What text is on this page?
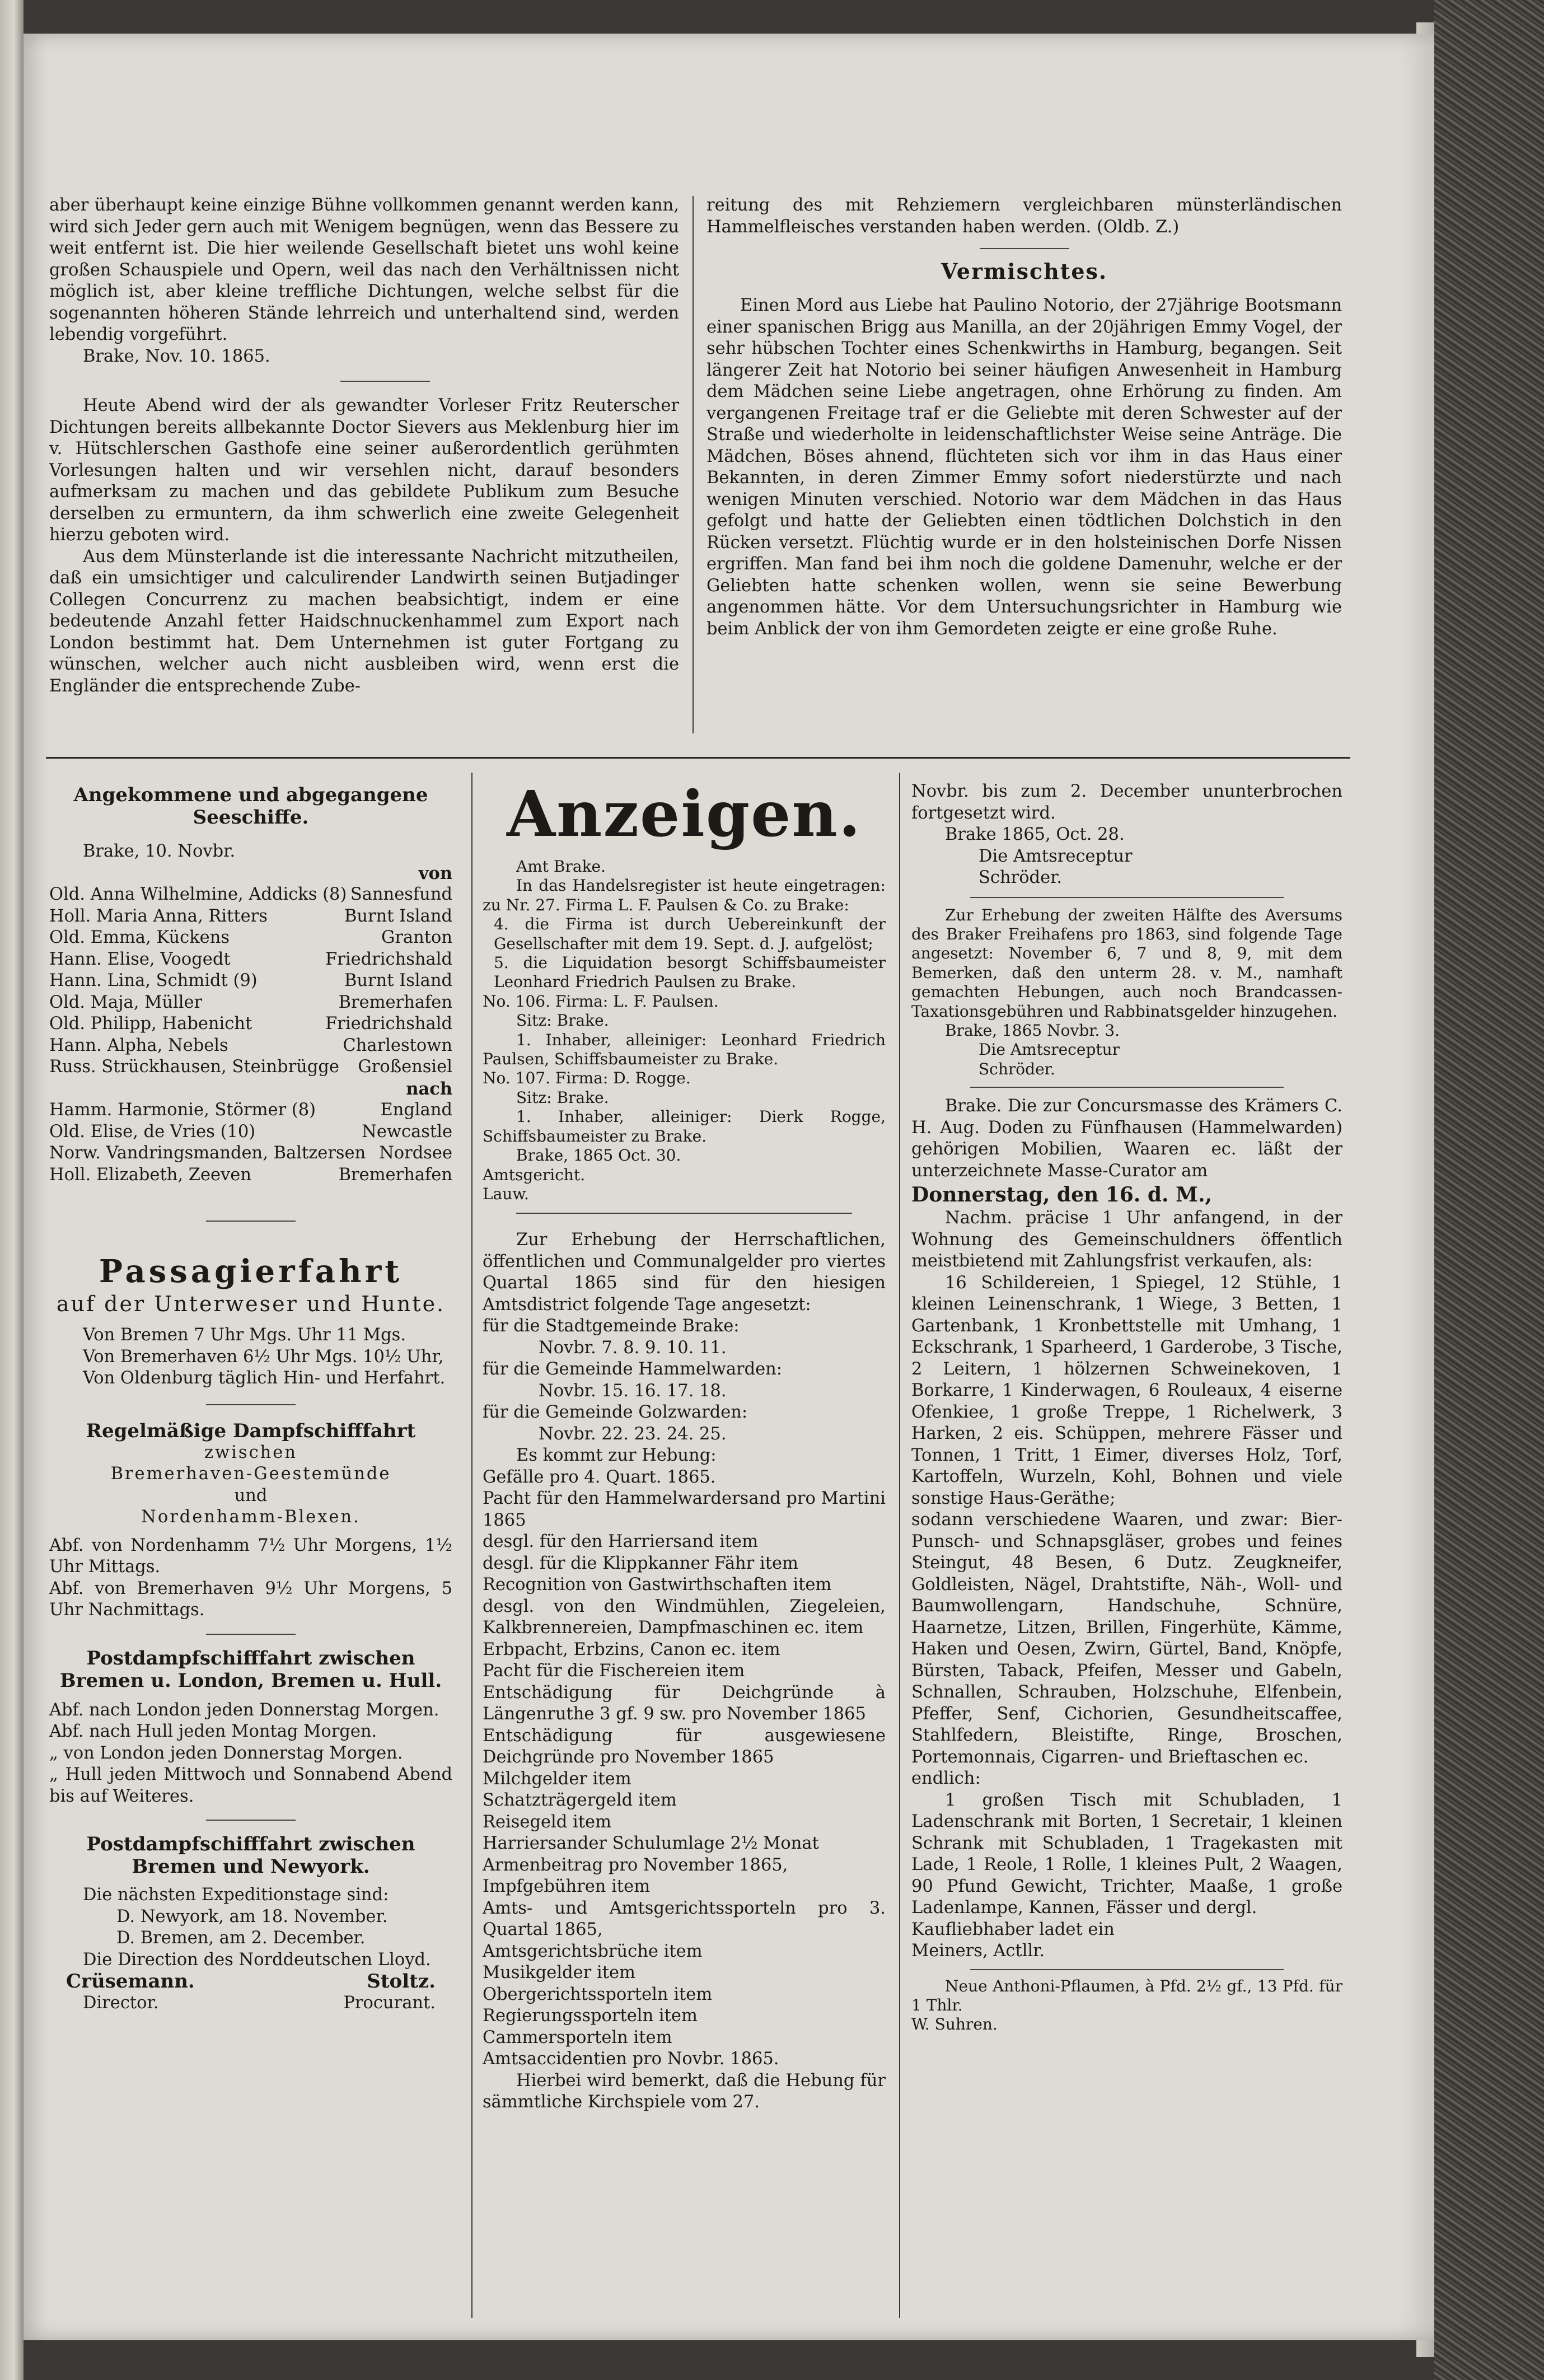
aber überhaupt keine einzige Bühne vollkommen genannt werden kann, wird sich Jeder gern auch mit Wenigem begnügen, wenn das Bessere zu weit entfernt ist. Die hier weilende Gesellschaft bietet uns wohl keine großen Schauspiele und Opern, weil das nach den Verhältnissen nicht möglich ist, aber kleine treffliche Dichtungen, welche selbst für die sogenannten höheren Stände lehrreich und unterhaltend sind, werden lebendig vorgeführt.

Brake, Nov. 10. 1865.

Heute Abend wird der als gewandter Vorleser Fritz Reuterscher Dichtungen bereits allbekannte Doctor Sievers aus Meklenburg hier im v. Hütschlerschen Gasthofe eine seiner außerordentlich gerühmten Vorlesungen halten und wir versehlen nicht, darauf besonders aufmerksam zu machen und das gebildete Publikum zum Besuche derselben zu ermuntern, da ihm schwerlich eine zweite Gelegenheit hierzu geboten wird.

Aus dem Münsterlande ist die interessante Nachricht mitzutheilen, daß ein umsichtiger und calculirender Landwirth seinen Butjadinger Collegen Concurrenz zu machen beabsichtigt, indem er eine bedeutende Anzahl fetter Haidschnuckenhammel zum Export nach London bestimmt hat. Dem Unternehmen ist guter Fortgang zu wünschen, welcher auch nicht ausbleiben wird, wenn erst die Engländer die entsprechende Zube-

reitung des mit Rehziemern vergleichbaren münsterländischen Hammelfleisches verstanden haben werden. (Oldb. Z.)

Vermischtes.

Einen Mord aus Liebe hat Paulino Notorio, der 27jährige Bootsmann einer spanischen Brigg aus Manilla, an der 20jährigen Emmy Vogel, der sehr hübschen Tochter eines Schenkwirths in Hamburg, begangen. Seit längerer Zeit hat Notorio bei seiner häufigen Anwesenheit in Hamburg dem Mädchen seine Liebe angetragen, ohne Erhörung zu finden. Am vergangenen Freitage traf er die Geliebte mit deren Schwester auf der Straße und wiederholte in leidenschaftlichster Weise seine Anträge. Die Mädchen, Böses ahnend, flüchteten sich vor ihm in das Haus einer Bekannten, in deren Zimmer Emmy sofort niederstürzte und nach wenigen Minuten verschied. Notorio war dem Mädchen in das Haus gefolgt und hatte der Geliebten einen tödtlichen Dolchstich in den Rücken versetzt. Flüchtig wurde er in den holsteinischen Dorfe Nissen ergriffen. Man fand bei ihm noch die goldene Damenuhr, welche er der Geliebten hatte schenken wollen, wenn sie seine Bewerbung angenommen hätte. Vor dem Untersuchungsrichter in Hamburg wie beim Anblick der von ihm Gemordeten zeigte er eine große Ruhe.

Angekommene und abgegangene Seeschiffe.

Brake, 10. Novbr.

von
Old. Anna Wilhelmine, Addicks (8) Sannesfund
Holl. Maria Anna, Ritters	Burnt Island
Old. Emma, Kückens	Granton
Hann. Elise, Voogedt	Friedrichshald
Hann. Lina, Schmidt (9)	Burnt Island
Old. Maja, Müller	Bremerhafen
Old. Philipp, Habenicht	Friedrichshald
Hann. Alpha, Nebels	Charlestown
Russ. Strückhausen, Steinbrügge Großensiel
nach
Hamm. Harmonie, Störmer (8)	England
Old. Elise, de Vries (10)	Newcastle
Norw. Vandringsmanden, Baltzersen Nordsee
Holl. Elizabeth, Zeeven	Bremerhafen
Passagierfahrt
auf der Unterweser und Hunte.

Von Bremen 7 Uhr Mgs. Uhr 11 Mgs.

Von Bremerhaven 6½ Uhr Mgs. 10½ Uhr,

Von Oldenburg täglich Hin- und Herfahrt.

Regelmäßige Dampfschifffahrt
zwischen
Bremerhaven-Geestemünde
und
Nordenhamm-Blexen.

Abf. von Nordenhamm 7½ Uhr Morgens, 1½ Uhr Mittags.

Abf. von Bremerhaven 9½ Uhr Morgens, 5 Uhr Nachmittags.

Postdampfschifffahrt zwischen Bremen u. London, Bremen u. Hull.

Abf. nach London jeden Donnerstag Morgen.

Abf. nach Hull jeden Montag Morgen.

„ von London jeden Donnerstag Morgen.

„ Hull jeden Mittwoch und Sonnabend Abend bis auf Weiteres.

Postdampfschifffahrt zwischen Bremen und Newyork.

Die nächsten Expeditionstage sind:

D. Newyork, am 18. November.

D. Bremen, am 2. December.

Die Direction des Norddeutschen Lloyd.

Crüsemann.	Stoltz.
Director.	Procurant.
Anzeigen.

Amt Brake.

In das Handelsregister ist heute eingetragen: zu Nr. 27. Firma L. F. Paulsen & Co. zu Brake:

4. die Firma ist durch Uebereinkunft der Gesellschafter mit dem 19. Sept. d. J. aufgelöst;

5. die Liquidation besorgt Schiffsbaumeister Leonhard Friedrich Paulsen zu Brake.

No. 106. Firma: L. F. Paulsen.

Sitz: Brake.

1. Inhaber, alleiniger: Leonhard Friedrich Paulsen, Schiffsbaumeister zu Brake.

No. 107. Firma: D. Rogge.

Sitz: Brake.

1. Inhaber, alleiniger: Dierk Rogge, Schiffsbaumeister zu Brake.

Brake, 1865 Oct. 30.

Amtsgericht.

Lauw.

Zur Erhebung der Herrschaftlichen, öffentlichen und Communalgelder pro viertes Quartal 1865 sind für den hiesigen Amtsdistrict folgende Tage angesetzt:

für die Stadtgemeinde Brake:

Novbr. 7. 8. 9. 10. 11.

für die Gemeinde Hammelwarden:

Novbr. 15. 16. 17. 18.

für die Gemeinde Golzwarden:

Novbr. 22. 23. 24. 25.

Es kommt zur Hebung:

Gefälle pro 4. Quart. 1865.

Pacht für den Hammelwardersand pro Martini 1865

desgl. für den Harriersand item

desgl. für die Klippkanner Fähr item

Recognition von Gastwirthschaften item

desgl. von den Windmühlen, Ziegeleien, Kalkbrennereien, Dampfmaschinen ec. item

Erbpacht, Erbzins, Canon ec. item

Pacht für die Fischereien item

Entschädigung für Deichgründe à Längenruthe 3 gf. 9 sw. pro November 1865

Entschädigung für ausgewiesene Deichgründe pro November 1865

Milchgelder item

Schatzträgergeld item

Reisegeld item

Harriersander Schulumlage 2½ Monat

Armenbeitrag pro November 1865,

Impfgebühren item

Amts- und Amtsgerichtssporteln pro 3. Quartal 1865,

Amtsgerichtsbrüche item

Musikgelder item

Obergerichtssporteln item

Regierungssporteln item

Cammersporteln item

Amtsaccidentien pro Novbr. 1865.

Hierbei wird bemerkt, daß die Hebung für sämmtliche Kirchspiele vom 27.

Novbr. bis zum 2. December ununterbrochen fortgesetzt wird.

Brake 1865, Oct. 28.

Die Amtsreceptur

Schröder.

Zur Erhebung der zweiten Hälfte des Aversums des Braker Freihafens pro 1863, sind folgende Tage angesetzt: November 6, 7 und 8, 9, mit dem Bemerken, daß den unterm 28. v. M., namhaft gemachten Hebungen, auch noch Brandcassen-Taxationsgebühren und Rabbinatsgelder hinzugehen.

Brake, 1865 Novbr. 3.

Die Amtsreceptur

Schröder.

Brake. Die zur Concursmasse des Krämers C. H. Aug. Doden zu Fünfhausen (Hammelwarden) gehörigen Mobilien, Waaren ec. läßt der unterzeichnete Masse-Curator am

Donnerstag, den 16. d. M.,

Nachm. präcise 1 Uhr anfangend, in der Wohnung des Gemeinschuldners öffentlich meistbietend mit Zahlungsfrist verkaufen, als:

16 Schildereien, 1 Spiegel, 12 Stühle, 1 kleinen Leinenschrank, 1 Wiege, 3 Betten, 1 Gartenbank, 1 Kronbettstelle mit Umhang, 1 Eckschrank, 1 Sparheerd, 1 Garderobe, 3 Tische, 2 Leitern, 1 hölzernen Schweinekoven, 1 Borkarre, 1 Kinderwagen, 6 Rouleaux, 4 eiserne Ofenkiee, 1 große Treppe, 1 Richelwerk, 3 Harken, 2 eis. Schüppen, mehrere Fässer und Tonnen, 1 Tritt, 1 Eimer, diverses Holz, Torf, Kartoffeln, Wurzeln, Kohl, Bohnen und viele sonstige Haus-Geräthe;

sodann verschiedene Waaren, und zwar: Bier-Punsch- und Schnapsgläser, grobes und feines Steingut, 48 Besen, 6 Dutz. Zeugkneifer, Goldleisten, Nägel, Drahtstifte, Näh-, Woll- und Baumwollengarn, Handschuhe, Schnüre, Haarnetze, Litzen, Brillen, Fingerhüte, Kämme, Haken und Oesen, Zwirn, Gürtel, Band, Knöpfe, Bürsten, Taback, Pfeifen, Messer und Gabeln, Schnallen, Schrauben, Holzschuhe, Elfenbein, Pfeffer, Senf, Cichorien, Gesundheitscaffee, Stahlfedern, Bleistifte, Ringe, Broschen, Portemonnais, Cigarren- und Brieftaschen ec.

endlich:

1 großen Tisch mit Schubladen, 1 Ladenschrank mit Borten, 1 Secretair, 1 kleinen Schrank mit Schubladen, 1 Tragekasten mit Lade, 1 Reole, 1 Rolle, 1 kleines Pult, 2 Waagen, 90 Pfund Gewicht, Trichter, Maaße, 1 große Ladenlampe, Kannen, Fässer und dergl.

Kaufliebhaber ladet ein

Meiners, Actllr.

Neue Anthoni-Pflaumen, à Pfd. 2½ gf., 13 Pfd. für 1 Thlr.

W. Suhren.
